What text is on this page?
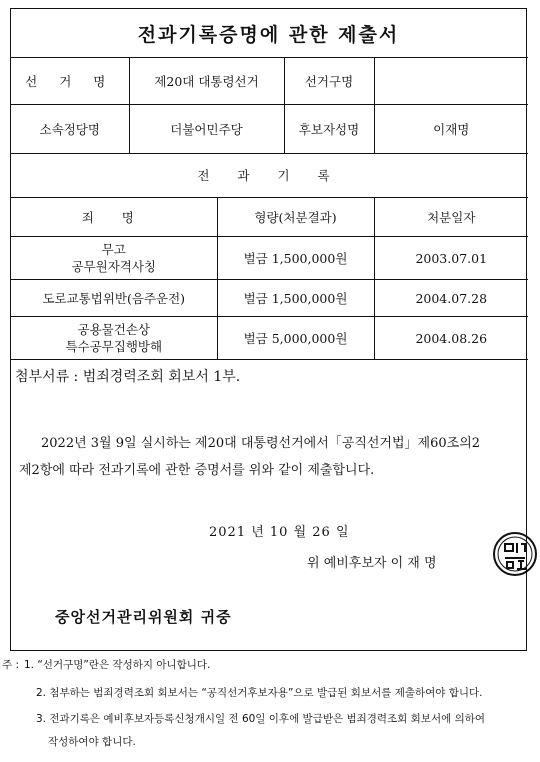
전과기록증명에 관한 제출서
선 거 명	제20대 대통령선거		선거구명	
소속정당명	더불어민주당		후보자성명	이재명
전 과 기 록				
죄 명		형량(처분결과)		처분일자

무고
공무원자격사칭		벌금 1,500,000원		2003.07.01

도로교통법위반(음주운전)		벌금 1,500,000원		2004.07.28

공용물건손상
특수공무집행방해		벌금 5,000,000원		2004.08.26
첨부서류 : 범죄경력조회 회보서 1부.
2022년 3월 9일 실시하는 제20대 대통령선거에서「공직선거법」제60조의2
제2항에 따라 전과기록에 관한 증명서를 위와 같이 제출합니다.
2021 년 10 월 26 일
위 예비후보자 이 재 명
중앙선거관리위원회 귀중
주 : 1. “선거구명”란은 작성하지 아니합니다.
2. 첨부하는 범죄경력조회 회보서는 “공직선거후보자용”으로 발급된 회보서를 제출하여야 합니다.
3. 전과기록은 예비후보자등록신청개시일 전 60일 이후에 발급받은 범죄경력조회 회보서에 의하여
작성하여야 합니다.
